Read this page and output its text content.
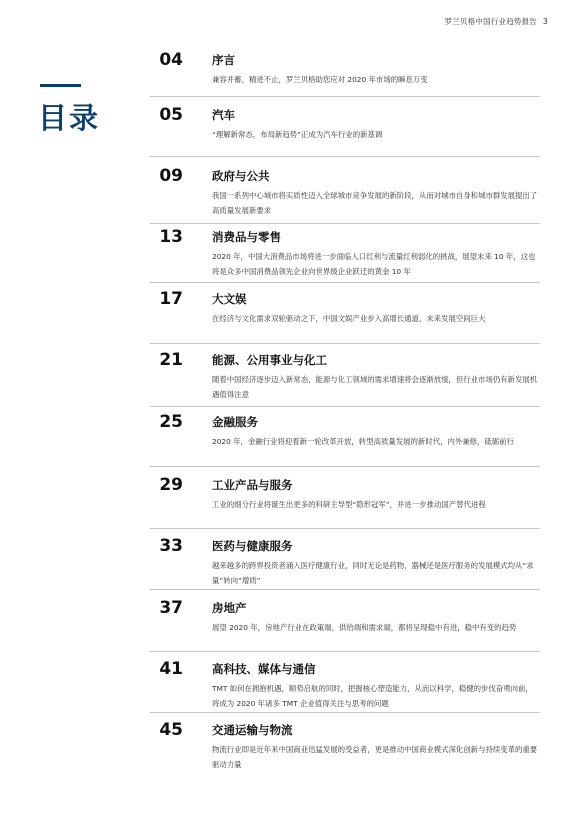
罗兰贝格中国行业趋势报告 3
目录
04	序言
兼容并蓄，精进不止，罗兰贝格助您应对 2020 年市场的瞬息万变
05	汽车
“理解新常态，布局新趋势”正成为汽车行业的新基调
09	政府与公共
我国一系列中心城市将实质性迈入全球城市竞争发展的新阶段，从而对城市自身和城市群发展提出了高质量发展新要求
13	消费品与零售
2020 年，中国大消费品市场将进一步面临人口红利与流量红利弱化的挑战，展望未来 10 年，这也将是众多中国消费品领先企业向世界级企业跃迁的黄金 10 年
17	大文娱
在经济与文化需求双轮驱动之下，中国文娱产业步入高增长通道，未来发展空间巨大
21	能源、公用事业与化工
随着中国经济逐步迈入新常态，能源与化工领域的需求增速将会逐渐放缓，但行业市场仍有新发展机遇值得注意
25	金融服务
2020 年，金融行业将迎着新一轮改革开放，转型高质量发展的新时代，内外兼修，砥砺前行
29	工业产品与服务
工业的细分行业将诞生出更多的科研主导型“隐形冠军”，并进一步推动国产替代进程
33	医药与健康服务
越来越多的跨界投资者涌入医疗健康行业，同时无论是药物，器械还是医疗服务的发展模式均从“求量”转向“增质”
37	房地产
展望 2020 年，房地产行业在政策端，供给端和需求端，都将呈现稳中有进，稳中有变的趋势
41	高科技、媒体与通信
TMT 如何在拥抱机遇，顺势启航的同时，把握核心塑造能力，从而以科学，稳健的步伐奋勇向前，将成为 2020 年诸多 TMT 企业值得关注与思考的问题
45	交通运输与物流
物流行业即是近年来中国商业迅猛发展的受益者，更是推动中国商业模式深化创新与持续变革的重要驱动力量
